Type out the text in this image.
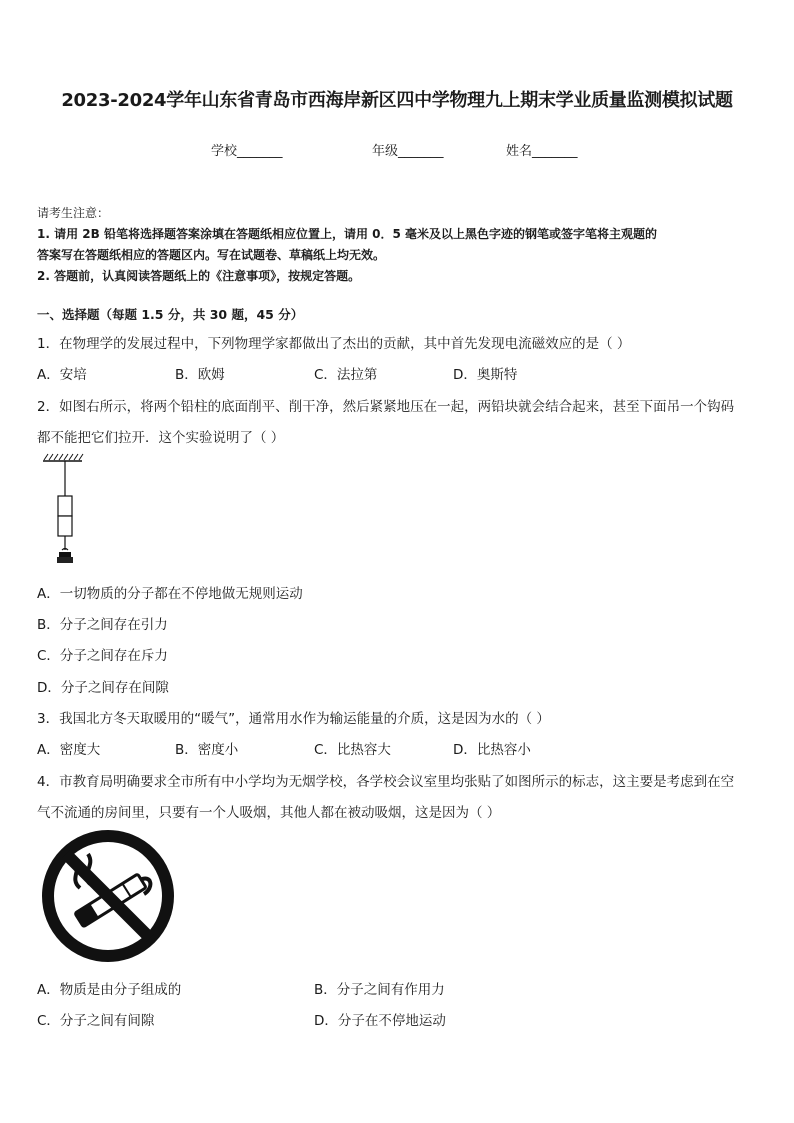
2023-2024学年山东省青岛市西海岸新区四中学物理九上期末学业质量监测模拟试题
学校_______	年级_______	姓名_______
请考生注意：
1. 请用 2B 铅笔将选择题答案涂填在答题纸相应位置上，请用 0．5 毫米及以上黑色字迹的钢笔或签字笔将主观题的
答案写在答题纸相应的答题区内。写在试题卷、草稿纸上均无效。
2. 答题前，认真阅读答题纸上的《注意事项》，按规定答题。
一、选择题（每题 1.5 分，共 30 题，45 分）
1．在物理学的发展过程中，下列物理学家都做出了杰出的贡献，其中首先发现电流磁效应的是（ ）
A．安培	B．欧姆	C．法拉第	D．奥斯特
2．如图右所示，将两个铅柱的底面削平、削干净，然后紧紧地压在一起，两铅块就会结合起来，甚至下面吊一个钩码
都不能把它们拉开．这个实验说明了（ ）
A．一切物质的分子都在不停地做无规则运动
B．分子之间存在引力
C．分子之间存在斥力
D．分子之间存在间隙
3．我国北方冬天取暖用的“暖气”，通常用水作为输运能量的介质，这是因为水的（ ）
A．密度大	B．密度小	C．比热容大	D．比热容小
4．市教育局明确要求全市所有中小学均为无烟学校，各学校会议室里均张贴了如图所示的标志，这主要是考虑到在空
气不流通的房间里，只要有一个人吸烟，其他人都在被动吸烟，这是因为（ ）
A．物质是由分子组成的	B．分子之间有作用力
C．分子之间有间隙	D．分子在不停地运动
